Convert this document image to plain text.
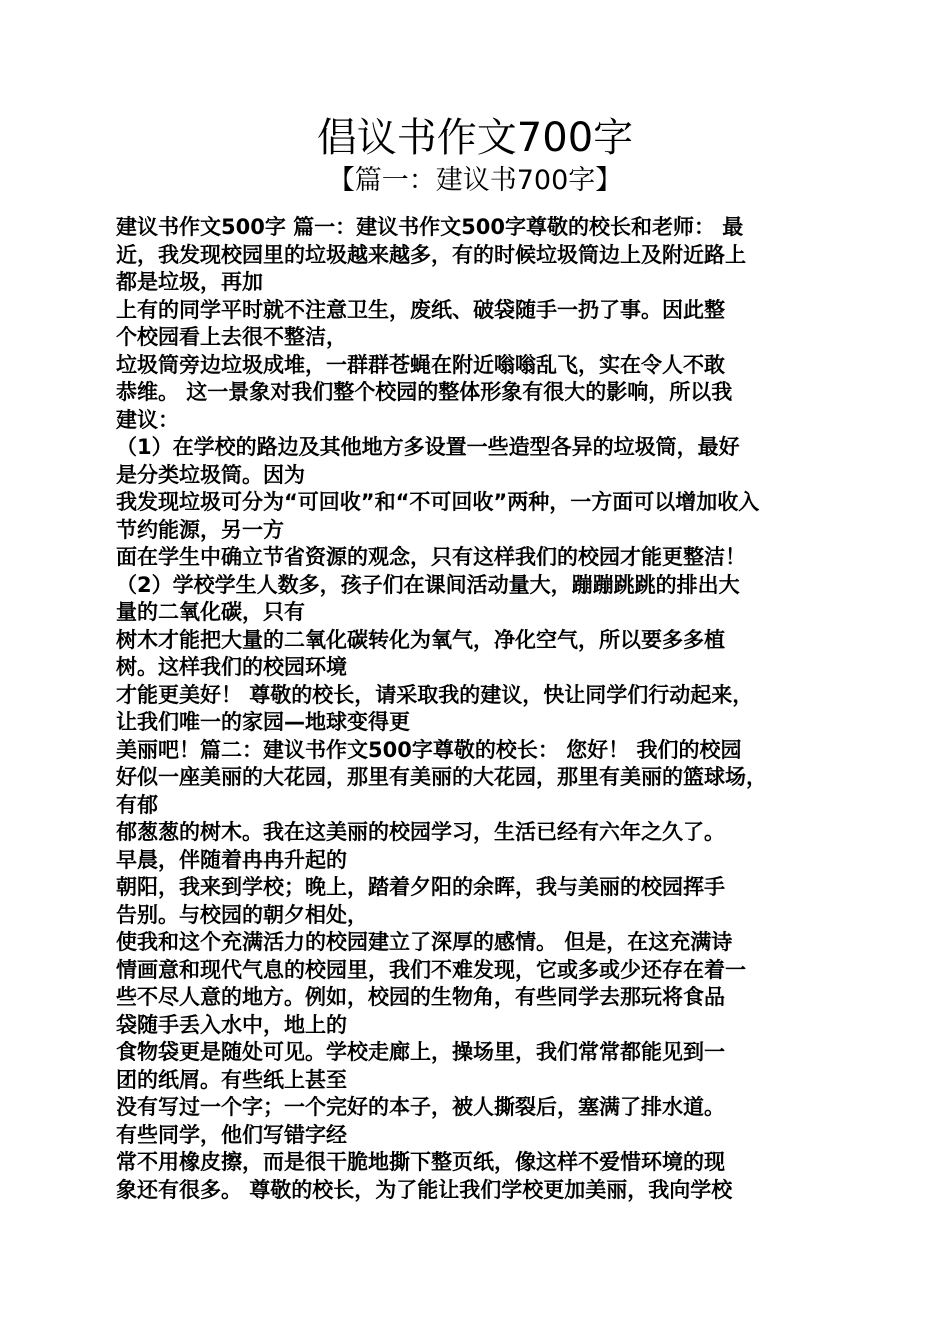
倡议书作文700字
【篇一：建议书700字】
建议书作文500字 篇一：建议书作文500字尊敬的校长和老师： 最
近，我发现校园里的垃圾越来越多，有的时候垃圾筒边上及附近路上
都是垃圾，再加
上有的同学平时就不注意卫生，废纸、破袋随手一扔了事。因此整
个校园看上去很不整洁，
垃圾筒旁边垃圾成堆，一群群苍蝇在附近嗡嗡乱飞，实在令人不敢
恭维。 这一景象对我们整个校园的整体形象有很大的影响，所以我
建议：
（1）在学校的路边及其他地方多设置一些造型各异的垃圾筒，最好
是分类垃圾筒。因为
我发现垃圾可分为“可回收”和“不可回收”两种，一方面可以增加收入
节约能源，另一方
面在学生中确立节省资源的观念，只有这样我们的校园才能更整洁！
（2）学校学生人数多，孩子们在课间活动量大，蹦蹦跳跳的排出大
量的二氧化碳，只有
树木才能把大量的二氧化碳转化为氧气，净化空气，所以要多多植
树。这样我们的校园环境
才能更美好！ 尊敬的校长，请采取我的建议，快让同学们行动起来，
让我们唯一的家园—地球变得更
美丽吧！篇二：建议书作文500字尊敬的校长： 您好！ 我们的校园
好似一座美丽的大花园，那里有美丽的大花园，那里有美丽的篮球场，
有郁
郁葱葱的树木。我在这美丽的校园学习，生活已经有六年之久了。
早晨，伴随着冉冉升起的
朝阳，我来到学校；晚上，踏着夕阳的余晖，我与美丽的校园挥手
告别。与校园的朝夕相处，
使我和这个充满活力的校园建立了深厚的感情。 但是，在这充满诗
情画意和现代气息的校园里，我们不难发现，它或多或少还存在着一
些不尽人意的地方。例如，校园的生物角，有些同学去那玩将食品
袋随手丢入水中，地上的
食物袋更是随处可见。学校走廊上，操场里，我们常常都能见到一
团的纸屑。有些纸上甚至
没有写过一个字；一个完好的本子，被人撕裂后，塞满了排水道。
有些同学，他们写错字经
常不用橡皮擦，而是很干脆地撕下整页纸，像这样不爱惜环境的现
象还有很多。 尊敬的校长，为了能让我们学校更加美丽，我向学校
